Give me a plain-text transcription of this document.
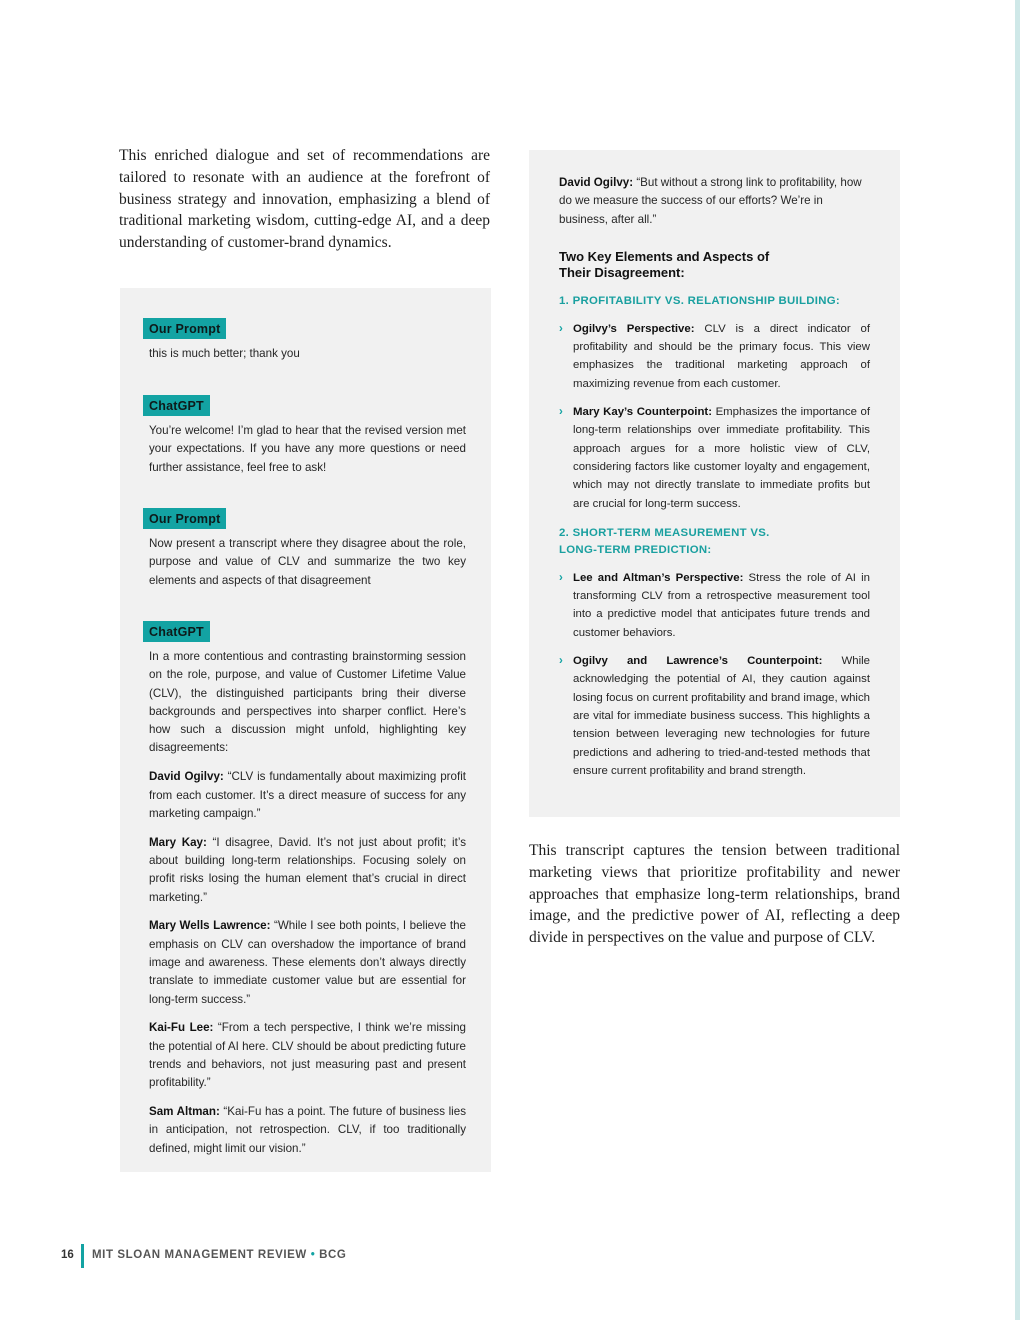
This enriched dialogue and set of recommendations are tailored to resonate with an audience at the forefront of business strategy and innovation, emphasizing a blend of traditional marketing wisdom, cutting-edge AI, and a deep understanding of customer-brand dynamics.

Our Prompt
this is much better; thank you
ChatGPT
You’re welcome! I’m glad to hear that the revised version met your expectations. If you have any more questions or need further assistance, feel free to ask!
Our Prompt
Now present a transcript where they disagree about the role, purpose and value of CLV and summarize the two key elements and aspects of that disagreement
ChatGPT

In a more contentious and contrasting brainstorming session on the role, purpose, and value of Customer Lifetime Value (CLV), the distinguished participants bring their diverse backgrounds and perspectives into sharper conflict. Here’s how such a discussion might unfold, highlighting key disagreements:

David Ogilvy: “CLV is fundamentally about maximizing profit from each customer. It’s a direct measure of success for any marketing campaign.”

Mary Kay: “I disagree, David. It’s not just about profit; it’s about building long-term relationships. Focusing solely on profit risks losing the human element that’s crucial in direct marketing.”

Mary Wells Lawrence: “While I see both points, I believe the emphasis on CLV can overshadow the importance of brand image and awareness. These elements don’t always directly translate to immediate customer value but are essential for long-term success.”

Kai-Fu Lee: “From a tech perspective, I think we’re missing the potential of AI here. CLV should be about predicting future trends and behaviors, not just measuring past and present profitability.”

Sam Altman: “Kai-Fu has a point. The future of business lies in anticipation, not retrospection. CLV, if too traditionally defined, might limit our vision.”

David Ogilvy: “But without a strong link to profitability, how do we measure the success of our efforts? We’re in business, after all.”

Two Key Elements and Aspects of Their Disagreement:
1. PROFITABILITY VS. RELATIONSHIP BUILDING:
› Ogilvy’s Perspective: CLV is a direct indicator of profitability and should be the primary focus. This view emphasizes the traditional marketing approach of maximizing revenue from each customer.
› Mary Kay’s Counterpoint: Emphasizes the importance of long-term relationships over immediate profitability. This approach argues for a more holistic view of CLV, considering factors like customer loyalty and engagement, which may not directly translate to immediate profits but are crucial for long-term success.
2. SHORT-TERM MEASUREMENT VS. LONG-TERM PREDICTION:
› Lee and Altman’s Perspective: Stress the role of AI in transforming CLV from a retrospective measurement tool into a predictive model that anticipates future trends and customer behaviors.
› Ogilvy and Lawrence’s Counterpoint: While acknowledging the potential of AI, they caution against losing focus on current profitability and brand image, which are vital for immediate business success. This highlights a tension between leveraging new technologies for future predictions and adhering to tried-and-tested methods that ensure current profitability and brand strength.

This transcript captures the tension between traditional marketing views that prioritize profitability and newer approaches that emphasize long-term relationships, brand image, and the predictive power of AI, reflecting a deep divide in perspectives on the value and purpose of CLV.

16 MIT SLOAN MANAGEMENT REVIEW • BCG
